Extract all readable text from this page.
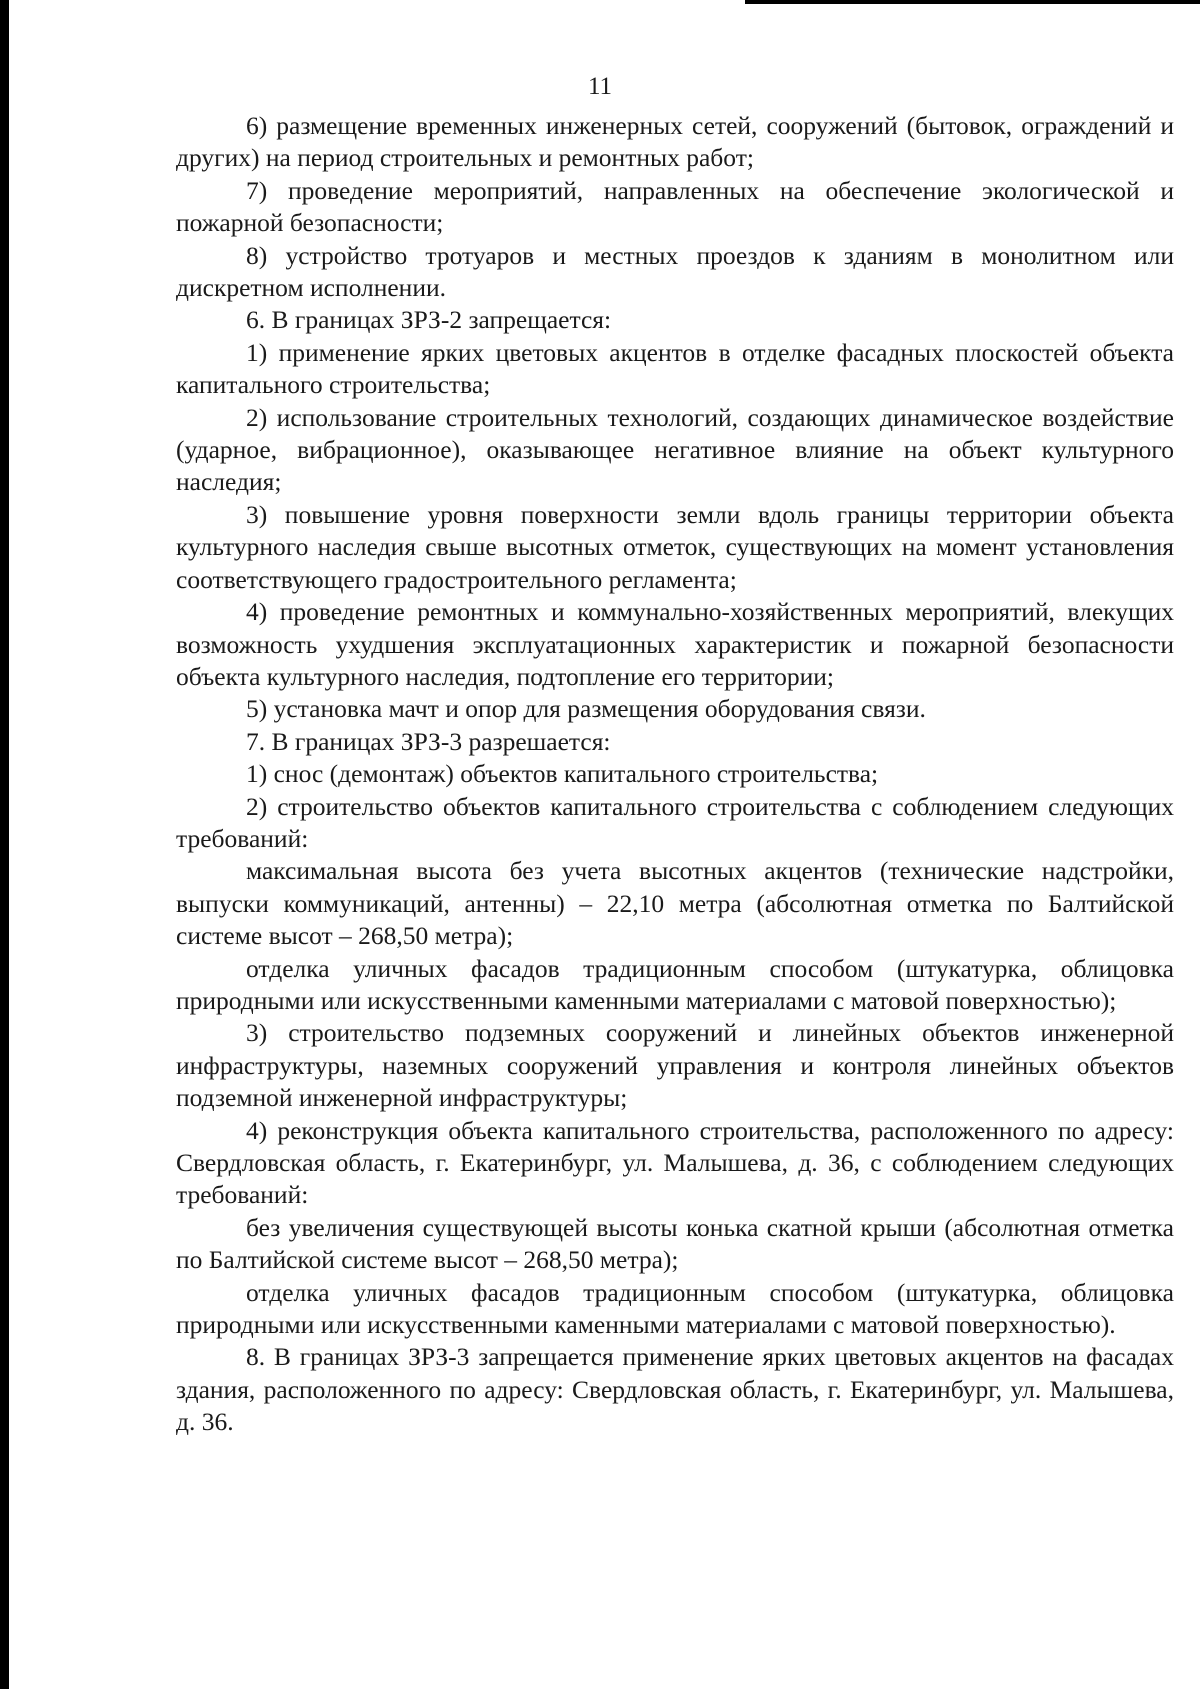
11

6) размещение временных инженерных сетей, сооружений (бытовок, ограждений и других) на период строительных и ремонтных работ;

7) проведение мероприятий, направленных на обеспечение экологической и пожарной безопасности;

8) устройство тротуаров и местных проездов к зданиям в монолитном или дискретном исполнении.

6. В границах ЗРЗ-2 запрещается:

1) применение ярких цветовых акцентов в отделке фасадных плоскостей объекта капитального строительства;

2) использование строительных технологий, создающих динамическое воздействие (ударное, вибрационное), оказывающее негативное влияние на объект культурного наследия;

3) повышение уровня поверхности земли вдоль границы территории объекта культурного наследия свыше высотных отметок, существующих на момент установления соответствующего градостроительного регламента;

4) проведение ремонтных и коммунально-хозяйственных мероприятий, влекущих возможность ухудшения эксплуатационных характеристик и пожарной безопасности объекта культурного наследия, подтопление его территории;

5) установка мачт и опор для размещения оборудования связи.

7. В границах ЗРЗ-3 разрешается:

1) снос (демонтаж) объектов капитального строительства;

2) строительство объектов капитального строительства с соблюдением следующих требований:

максимальная высота без учета высотных акцентов (технические надстройки, выпуски коммуникаций, антенны) – 22,10 метра (абсолютная отметка по Балтийской системе высот – 268,50 метра);

отделка уличных фасадов традиционным способом (штукатурка, облицовка природными или искусственными каменными материалами с матовой поверхностью);

3) строительство подземных сооружений и линейных объектов инженерной инфраструктуры, наземных сооружений управления и контроля линейных объектов подземной инженерной инфраструктуры;

4) реконструкция объекта капитального строительства, расположенного по адресу: Свердловская область, г. Екатеринбург, ул. Малышева, д. 36, с соблюдением следующих требований:

без увеличения существующей высоты конька скатной крыши (абсолютная отметка по Балтийской системе высот – 268,50 метра);

отделка уличных фасадов традиционным способом (штукатурка, облицовка природными или искусственными каменными материалами с матовой поверхностью).

8. В границах ЗРЗ-3 запрещается применение ярких цветовых акцентов на фасадах здания, расположенного по адресу: Свердловская область, г. Екатеринбург, ул. Малышева, д. 36.
